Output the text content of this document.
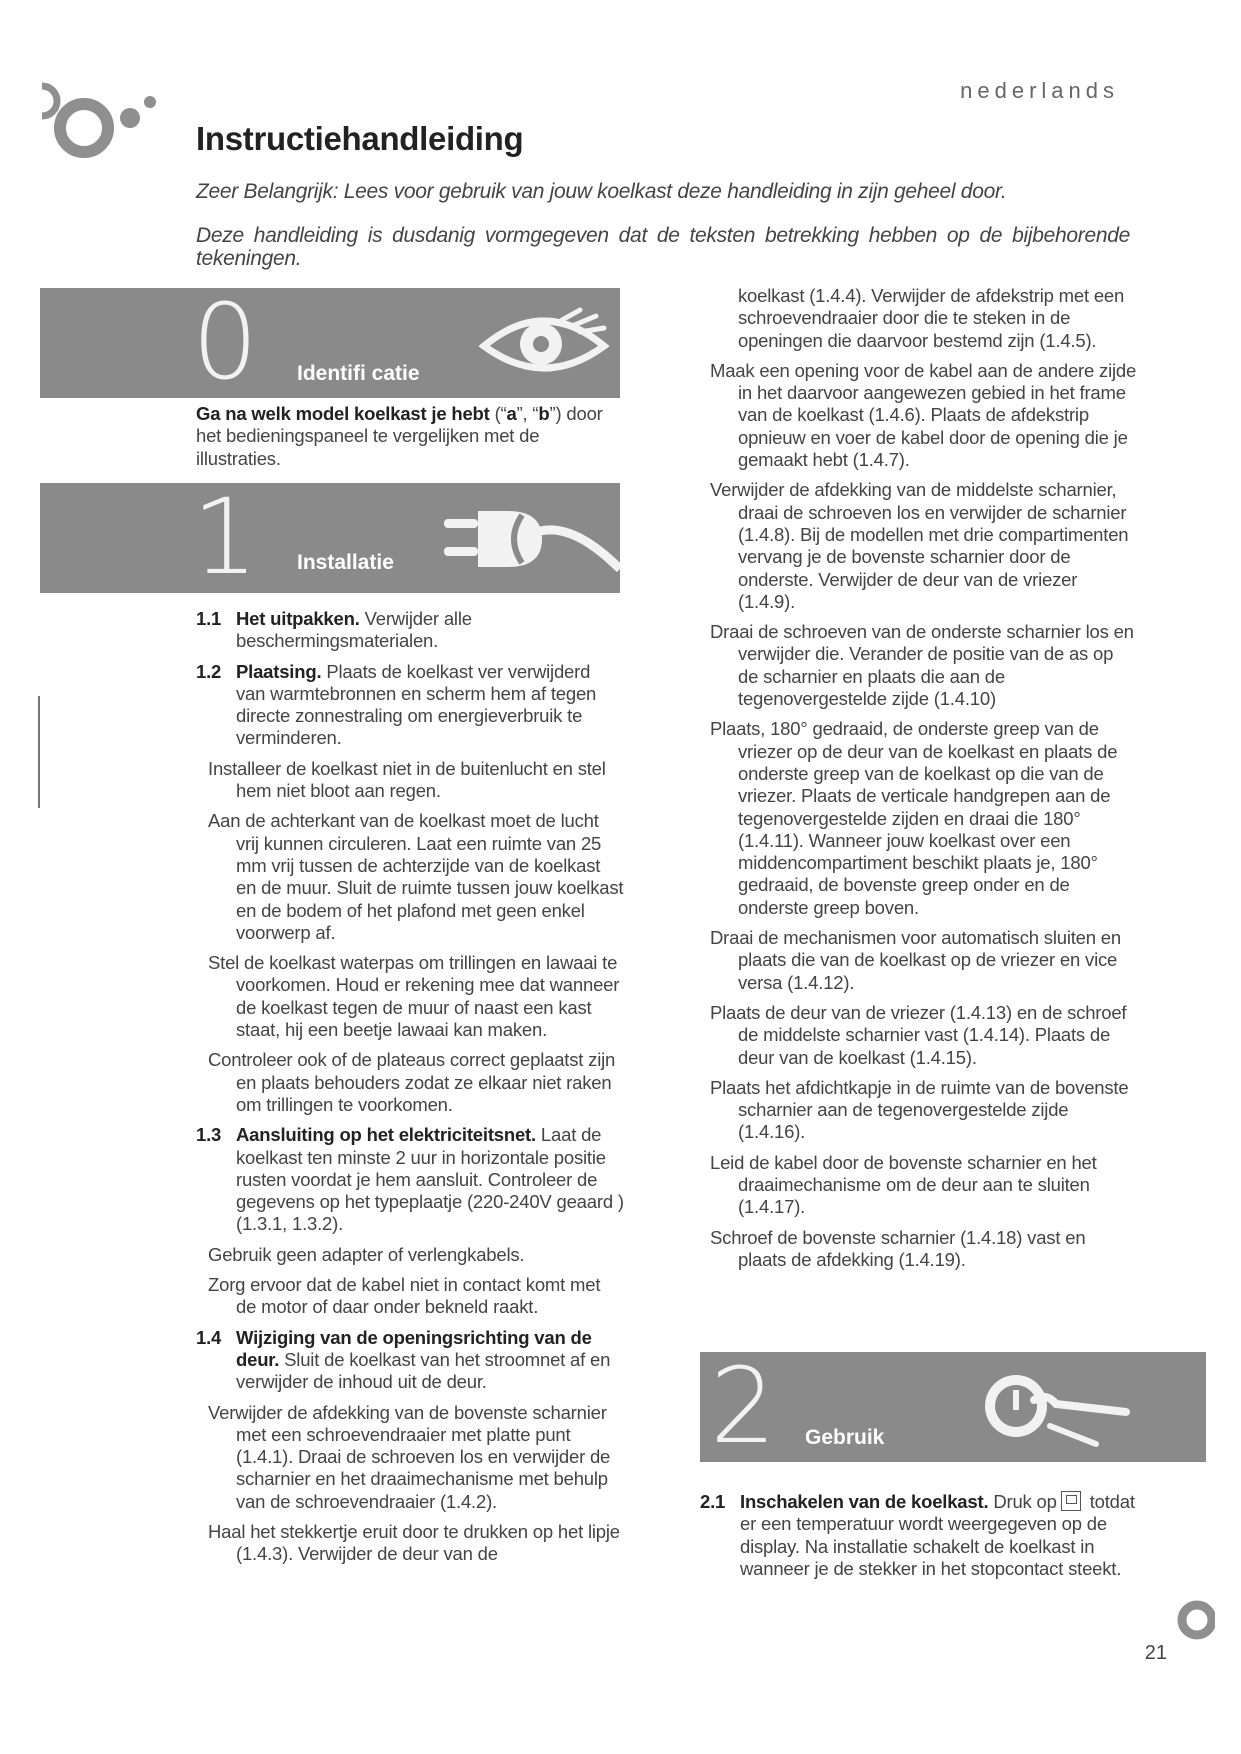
nederlands
Instructiehandleiding
Zeer Belangrijk: Lees voor gebruik van jouw koelkast deze handleiding in zijn geheel door.
Deze handleiding is dusdanig vormgegeven dat de teksten betrekking hebben op de bijbehorende tekeningen.
0 Identifi catie
Ga na welk model koelkast je hebt (“a”, “b”) door het bedieningspaneel te vergelijken met de illustraties.
1 Installatie
1.1 Het uitpakken. Verwijder alle beschermingsmaterialen.
1.2 Plaatsing. Plaats de koelkast ver verwijderd van warmtebronnen en scherm hem af tegen directe zonnestraling om energieverbruik te verminderen.
Installeer de koelkast niet in de buitenlucht en stel hem niet bloot aan regen.
Aan de achterkant van de koelkast moet de lucht vrij kunnen circuleren. Laat een ruimte van 25 mm vrij tussen de achterzijde van de koelkast en de muur. Sluit de ruimte tussen jouw koelkast en de bodem of het plafond met geen enkel voorwerp af.
Stel de koelkast waterpas om trillingen en lawaai te voorkomen. Houd er rekening mee dat wanneer de koelkast tegen de muur of naast een kast staat, hij een beetje lawaai kan maken.
Controleer ook of de plateaus correct geplaatst zijn en plaats behouders zodat ze elkaar niet raken om trillingen te voorkomen.
1.3 Aansluiting op het elektriciteitsnet. Laat de koelkast ten minste 2 uur in horizontale positie rusten voordat je hem aansluit. Controleer de gegevens op het typeplaatje (220-240V geaard ) (1.3.1, 1.3.2).
Gebruik geen adapter of verlengkabels.
Zorg ervoor dat de kabel niet in contact komt met de motor of daar onder bekneld raakt.
1.4 Wijziging van de openingsrichting van de deur. Sluit de koelkast van het stroomnet af en verwijder de inhoud uit de deur.
Verwijder de afdekking van de bovenste scharnier met een schroevendraaier met platte punt (1.4.1). Draai de schroeven los en verwijder de scharnier en het draaimechanisme met behulp van de schroevendraaier (1.4.2).
Haal het stekkertje eruit door te drukken op het lipje (1.4.3). Verwijder de deur van de
koelkast (1.4.4). Verwijder de afdekstrip met een schroevendraaier door die te steken in de openingen die daarvoor bestemd zijn (1.4.5).
Maak een opening voor de kabel aan de andere zijde in het daarvoor aangewezen gebied in het frame van de koelkast (1.4.6). Plaats de afdekstrip opnieuw en voer de kabel door de opening die je gemaakt hebt (1.4.7).
Verwijder de afdekking van de middelste scharnier, draai de schroeven los en verwijder de scharnier (1.4.8). Bij de modellen met drie compartimenten vervang je de bovenste scharnier door de onderste. Verwijder de deur van de vriezer (1.4.9).
Draai de schroeven van de onderste scharnier los en verwijder die. Verander de positie van de as op de scharnier en plaats die aan de tegenovergestelde zijde (1.4.10)
Plaats, 180° gedraaid, de onderste greep van de vriezer op de deur van de koelkast en plaats de onderste greep van de koelkast op die van de vriezer. Plaats de verticale handgrepen aan de tegenovergestelde zijden en draai die 180° (1.4.11). Wanneer jouw koelkast over een middencompartiment beschikt plaats je, 180° gedraaid, de bovenste greep onder en de onderste greep boven.
Draai de mechanismen voor automatisch sluiten en plaats die van de koelkast op de vriezer en vice versa (1.4.12).
Plaats de deur van de vriezer (1.4.13) en de schroef de middelste scharnier vast (1.4.14). Plaats de deur van de koelkast (1.4.15).
Plaats het afdichtkapje in de ruimte van de bovenste scharnier aan de tegenovergestelde zijde (1.4.16).
Leid de kabel door de bovenste scharnier en het draaimechanisme om de deur aan te sluiten (1.4.17).
Schroef de bovenste scharnier (1.4.18) vast en plaats de afdekking (1.4.19).
2 Gebruik
2.1 Inschakelen van de koelkast. Druk op totdat er een temperatuur wordt weergegeven op de display. Na installatie schakelt de koelkast in wanneer je de stekker in het stopcontact steekt.
21
